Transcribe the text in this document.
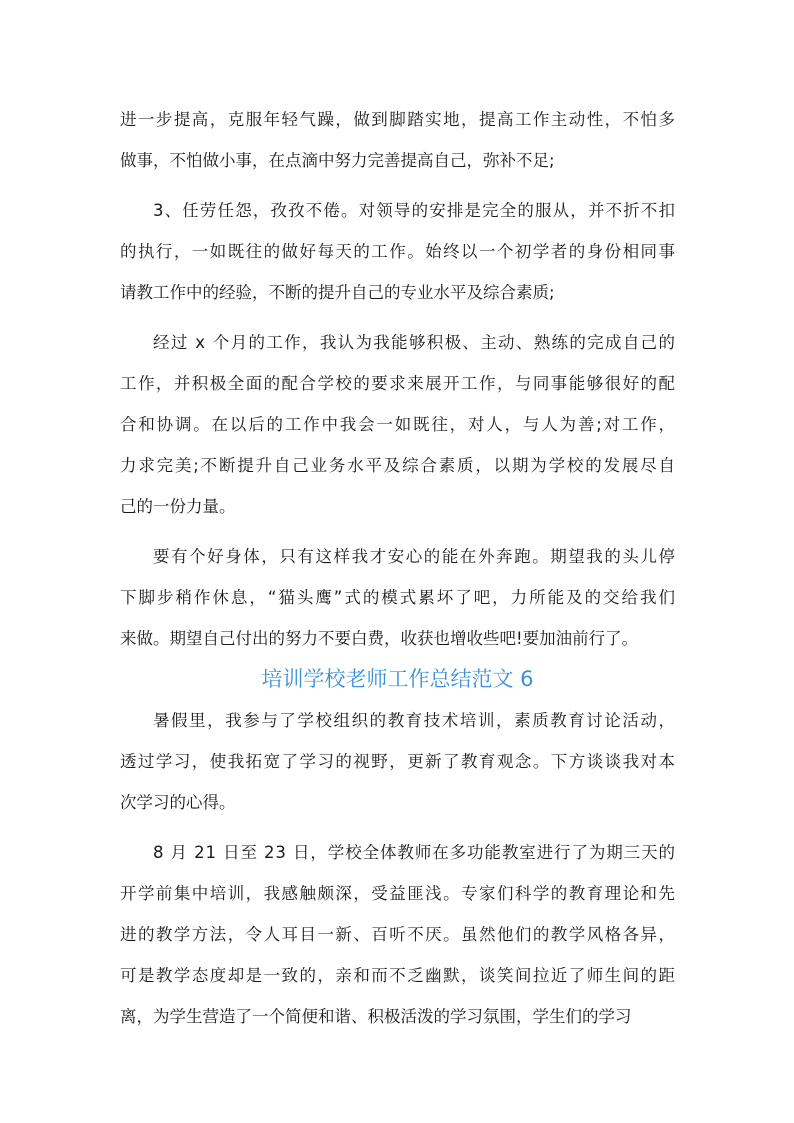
进一步提高，克服年轻气躁，做到脚踏实地，提高工作主动性，不怕多
做事，不怕做小事，在点滴中努力完善提高自己，弥补不足;
3、任劳任怨，孜孜不倦。对领导的安排是完全的服从，并不折不扣
的执行，一如既往的做好每天的工作。始终以一个初学者的身份相同事
请教工作中的经验，不断的提升自己的专业水平及综合素质;
经过 x 个月的工作，我认为我能够积极、主动、熟练的完成自己的
工作，并积极全面的配合学校的要求来展开工作，与同事能够很好的配
合和协调。在以后的工作中我会一如既往，对人，与人为善;对工作，
力求完美;不断提升自己业务水平及综合素质，以期为学校的发展尽自
己的一份力量。
要有个好身体，只有这样我才安心的能在外奔跑。期望我的头儿停
下脚步稍作休息，“猫头鹰”式的模式累坏了吧，力所能及的交给我们
来做。期望自己付出的努力不要白费，收获也增收些吧!要加油前行了。
培训学校老师工作总结范文 6
暑假里，我参与了学校组织的教育技术培训，素质教育讨论活动，
透过学习，使我拓宽了学习的视野，更新了教育观念。下方谈谈我对本
次学习的心得。
8 月 21 日至 23 日，学校全体教师在多功能教室进行了为期三天的
开学前集中培训，我感触颇深，受益匪浅。专家们科学的教育理论和先
进的教学方法，令人耳目一新、百听不厌。虽然他们的教学风格各异，
可是教学态度却是一致的，亲和而不乏幽默，谈笑间拉近了师生间的距
离，为学生营造了一个简便和谐、积极活泼的学习氛围，学生们的学习
